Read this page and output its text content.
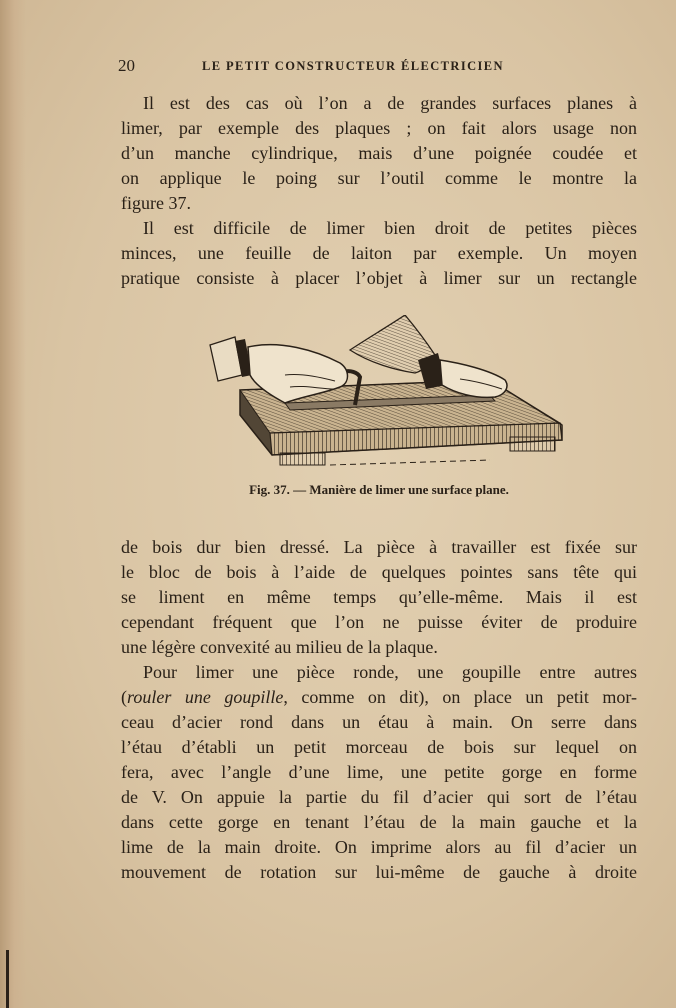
20	LE PETIT CONSTRUCTEUR ÉLECTRICIEN
Il est des cas où l’on a de grandes surfaces planes à
limer, par exemple des plaques ; on fait alors usage non
d’un manche cylindrique, mais d’une poignée coudée et
on applique le poing sur l’outil comme le montre la
figure 37.
Il est difficile de limer bien droit de petites pièces
minces, une feuille de laiton par exemple. Un moyen
pratique consiste à placer l’objet à limer sur un rectangle
Fig. 37. — Manière de limer une surface plane.
de bois dur bien dressé. La pièce à travailler est fixée sur
le bloc de bois à l’aide de quelques pointes sans tête qui
se liment en même temps qu’elle-même. Mais il est
cependant fréquent que l’on ne puisse éviter de produire
une légère convexité au milieu de la plaque.
Pour limer une pièce ronde, une goupille entre autres
(rouler une goupille, comme on dit), on place un petit mor-
ceau d’acier rond dans un étau à main. On serre dans
l’étau d’établi un petit morceau de bois sur lequel on
fera, avec l’angle d’une lime, une petite gorge en forme
de V. On appuie la partie du fil d’acier qui sort de l’étau
dans cette gorge en tenant l’étau de la main gauche et la
lime de la main droite. On imprime alors au fil d’acier un
mouvement de rotation sur lui-même de gauche à droite
